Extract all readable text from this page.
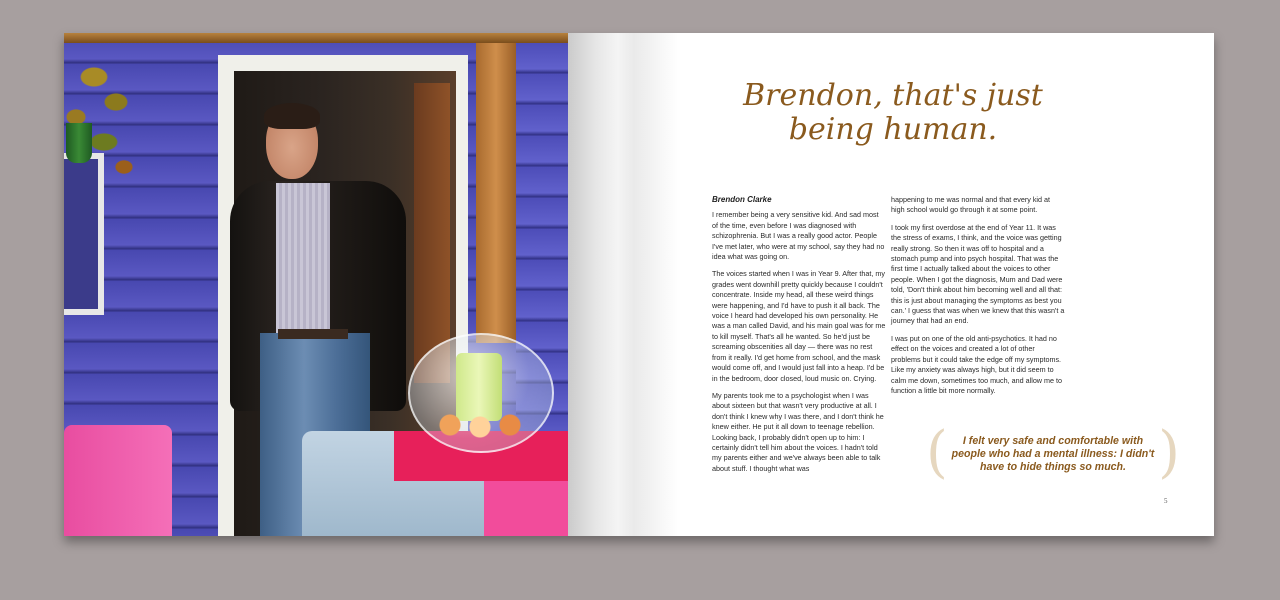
Brendon, that's just
being human.
Brendon Clarke

I remember being a very sensitive kid. And sad most of the time, even before I was diagnosed with schizophrenia. But I was a really good actor. People I've met later, who were at my school, say they had no idea what was going on.

The voices started when I was in Year 9. After that, my grades went downhill pretty quickly because I couldn't concentrate. Inside my head, all these weird things were happening, and I'd have to push it all back. The voice I heard had developed his own personality. He was a man called David, and his main goal was for me to kill myself. That's all he wanted. So he'd just be screaming obscenities all day — there was no rest from it really. I'd get home from school, and the mask would come off, and I would just fall into a heap. I'd be in the bedroom, door closed, loud music on. Crying.

My parents took me to a psychologist when I was about sixteen but that wasn't very productive at all. I don't think I knew why I was there, and I don't think he knew either. He put it all down to teenage rebellion. Looking back, I probably didn't open up to him: I certainly didn't tell him about the voices. I hadn't told my parents either and we've always been able to talk about stuff. I thought what was

happening to me was normal and that every kid at high school would go through it at some point.

I took my first overdose at the end of Year 11. It was the stress of exams, I think, and the voice was getting really strong. So then it was off to hospital and a stomach pump and into psych hospital. That was the first time I actually talked about the voices to other people. When I got the diagnosis, Mum and Dad were told, 'Don't think about him becoming well and all that: this is just about managing the symptoms as best you can.' I guess that was when we knew that this wasn't a journey that had an end.

I was put on one of the old anti-psychotics. It had no effect on the voices and created a lot of other problems but it could take the edge off my symptoms. Like my anxiety was always high, but it did seem to calm me down, sometimes too much, and allow me to function a little bit more normally.

(	I felt very safe and comfortable with people who had a mental illness: I didn't have to hide things so much. )
5
